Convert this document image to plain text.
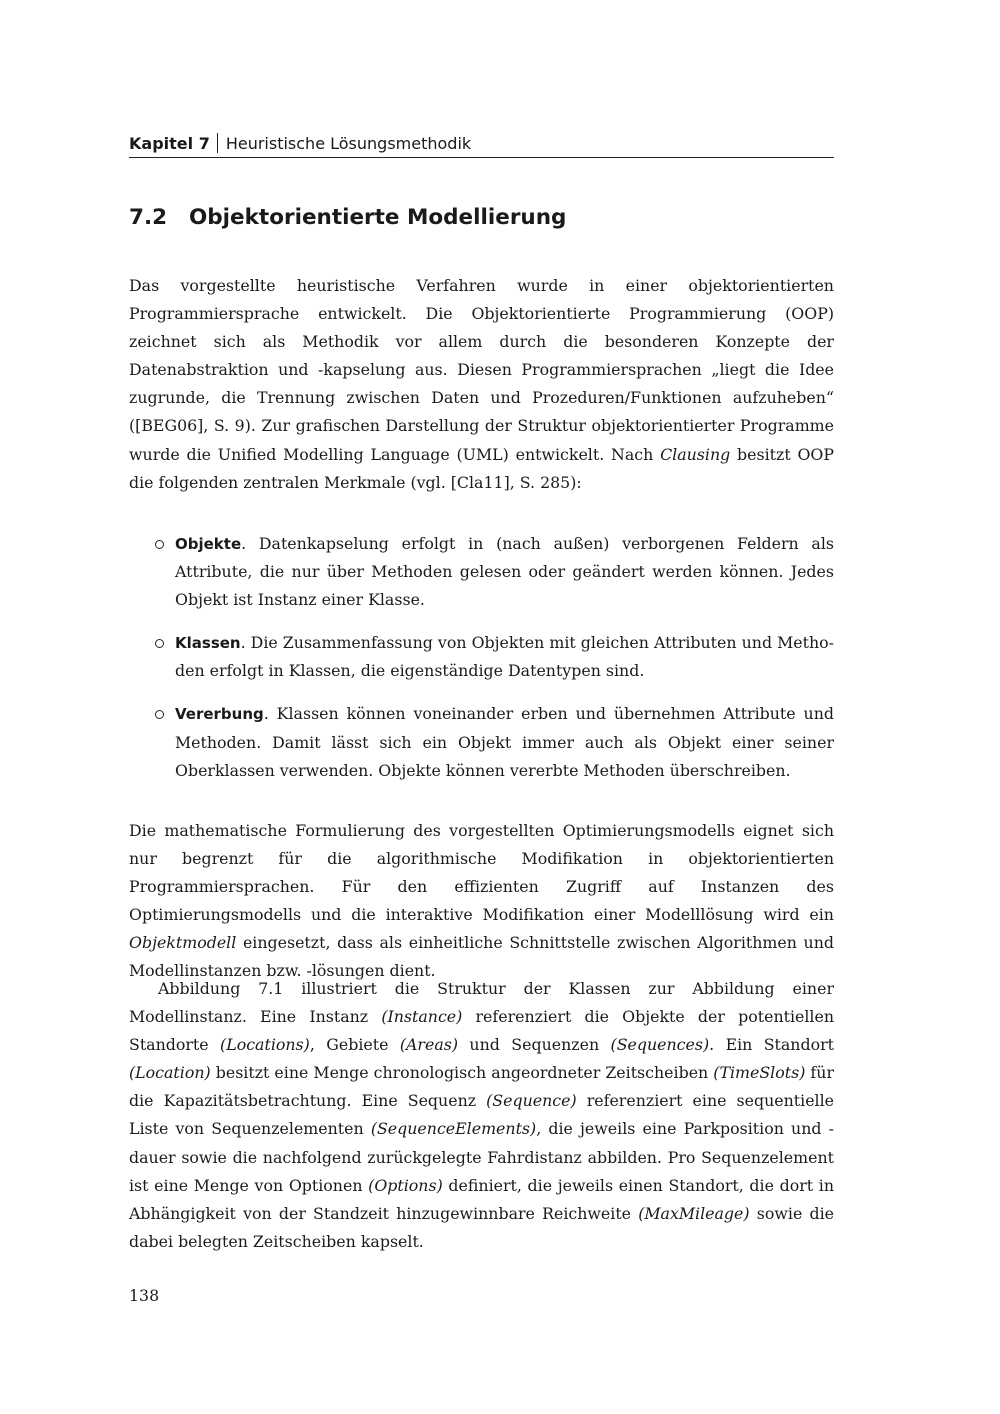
Kapitel 7 Heuristische Lösungsmethodik
7.2 Objektorientierte Modellierung

Das vorgestellte heuristische Verfahren wurde in einer objektorientierten Programmiersprache entwickelt. Die Objektorientierte Programmierung (OOP) zeichnet sich als Methodik vor allem durch die besonderen Konzepte der Datenabstraktion und -kapselung aus. Diesen Programmiersprachen „liegt die Idee zugrunde, die Trennung zwischen Daten und Prozeduren/Funktionen aufzuheben“ ([BEG06], S. 9). Zur grafischen Darstellung der Struktur objektorientierter Programme wurde die Unified Modelling Language (UML) entwickelt. Nach Clausing besitzt OOP die folgenden zentralen Merkmale (vgl. [Cla11], S. 285):

Objekte. Datenkapselung erfolgt in (nach außen) verborgenen Feldern als Attribute, die nur über Methoden gelesen oder geändert werden können. Jedes Objekt ist Instanz einer Klasse.
Klassen. Die Zusammenfassung von Objekten mit gleichen Attributen und Methoden erfolgt in Klassen, die eigenständige Datentypen sind.
Vererbung. Klassen können voneinander erben und übernehmen Attribute und Methoden. Damit lässt sich ein Objekt immer auch als Objekt einer seiner Oberklassen verwenden. Objekte können vererbte Methoden überschreiben.

Die mathematische Formulierung des vorgestellten Optimierungsmodells eignet sich nur begrenzt für die algorithmische Modifikation in objektorientierten Programmiersprachen. Für den effizienten Zugriff auf Instanzen des Optimierungsmodells und die interaktive Modifikation einer Modelllösung wird ein Objektmodell eingesetzt, dass als einheitliche Schnittstelle zwischen Algorithmen und Modellinstanzen bzw. -lösungen dient.

Abbildung 7.1 illustriert die Struktur der Klassen zur Abbildung einer Modellinstanz. Eine Instanz (Instance) referenziert die Objekte der potentiellen Standorte (Locations), Gebiete (Areas) und Sequenzen (Sequences). Ein Standort (Location) besitzt eine Menge chronologisch angeordneter Zeitscheiben (TimeSlots) für die Kapazitätsbetrachtung. Eine Sequenz (Sequence) referenziert eine sequentielle Liste von Sequenzelementen (SequenceElements), die jeweils eine Parkposition und -dauer sowie die nachfolgend zurückgelegte Fahrdistanz abbilden. Pro Sequenzelement ist eine Menge von Optionen (Options) definiert, die jeweils einen Standort, die dort in Abhängigkeit von der Standzeit hinzugewinnbare Reichweite (MaxMileage) sowie die dabei belegten Zeitscheiben kapselt.

138
